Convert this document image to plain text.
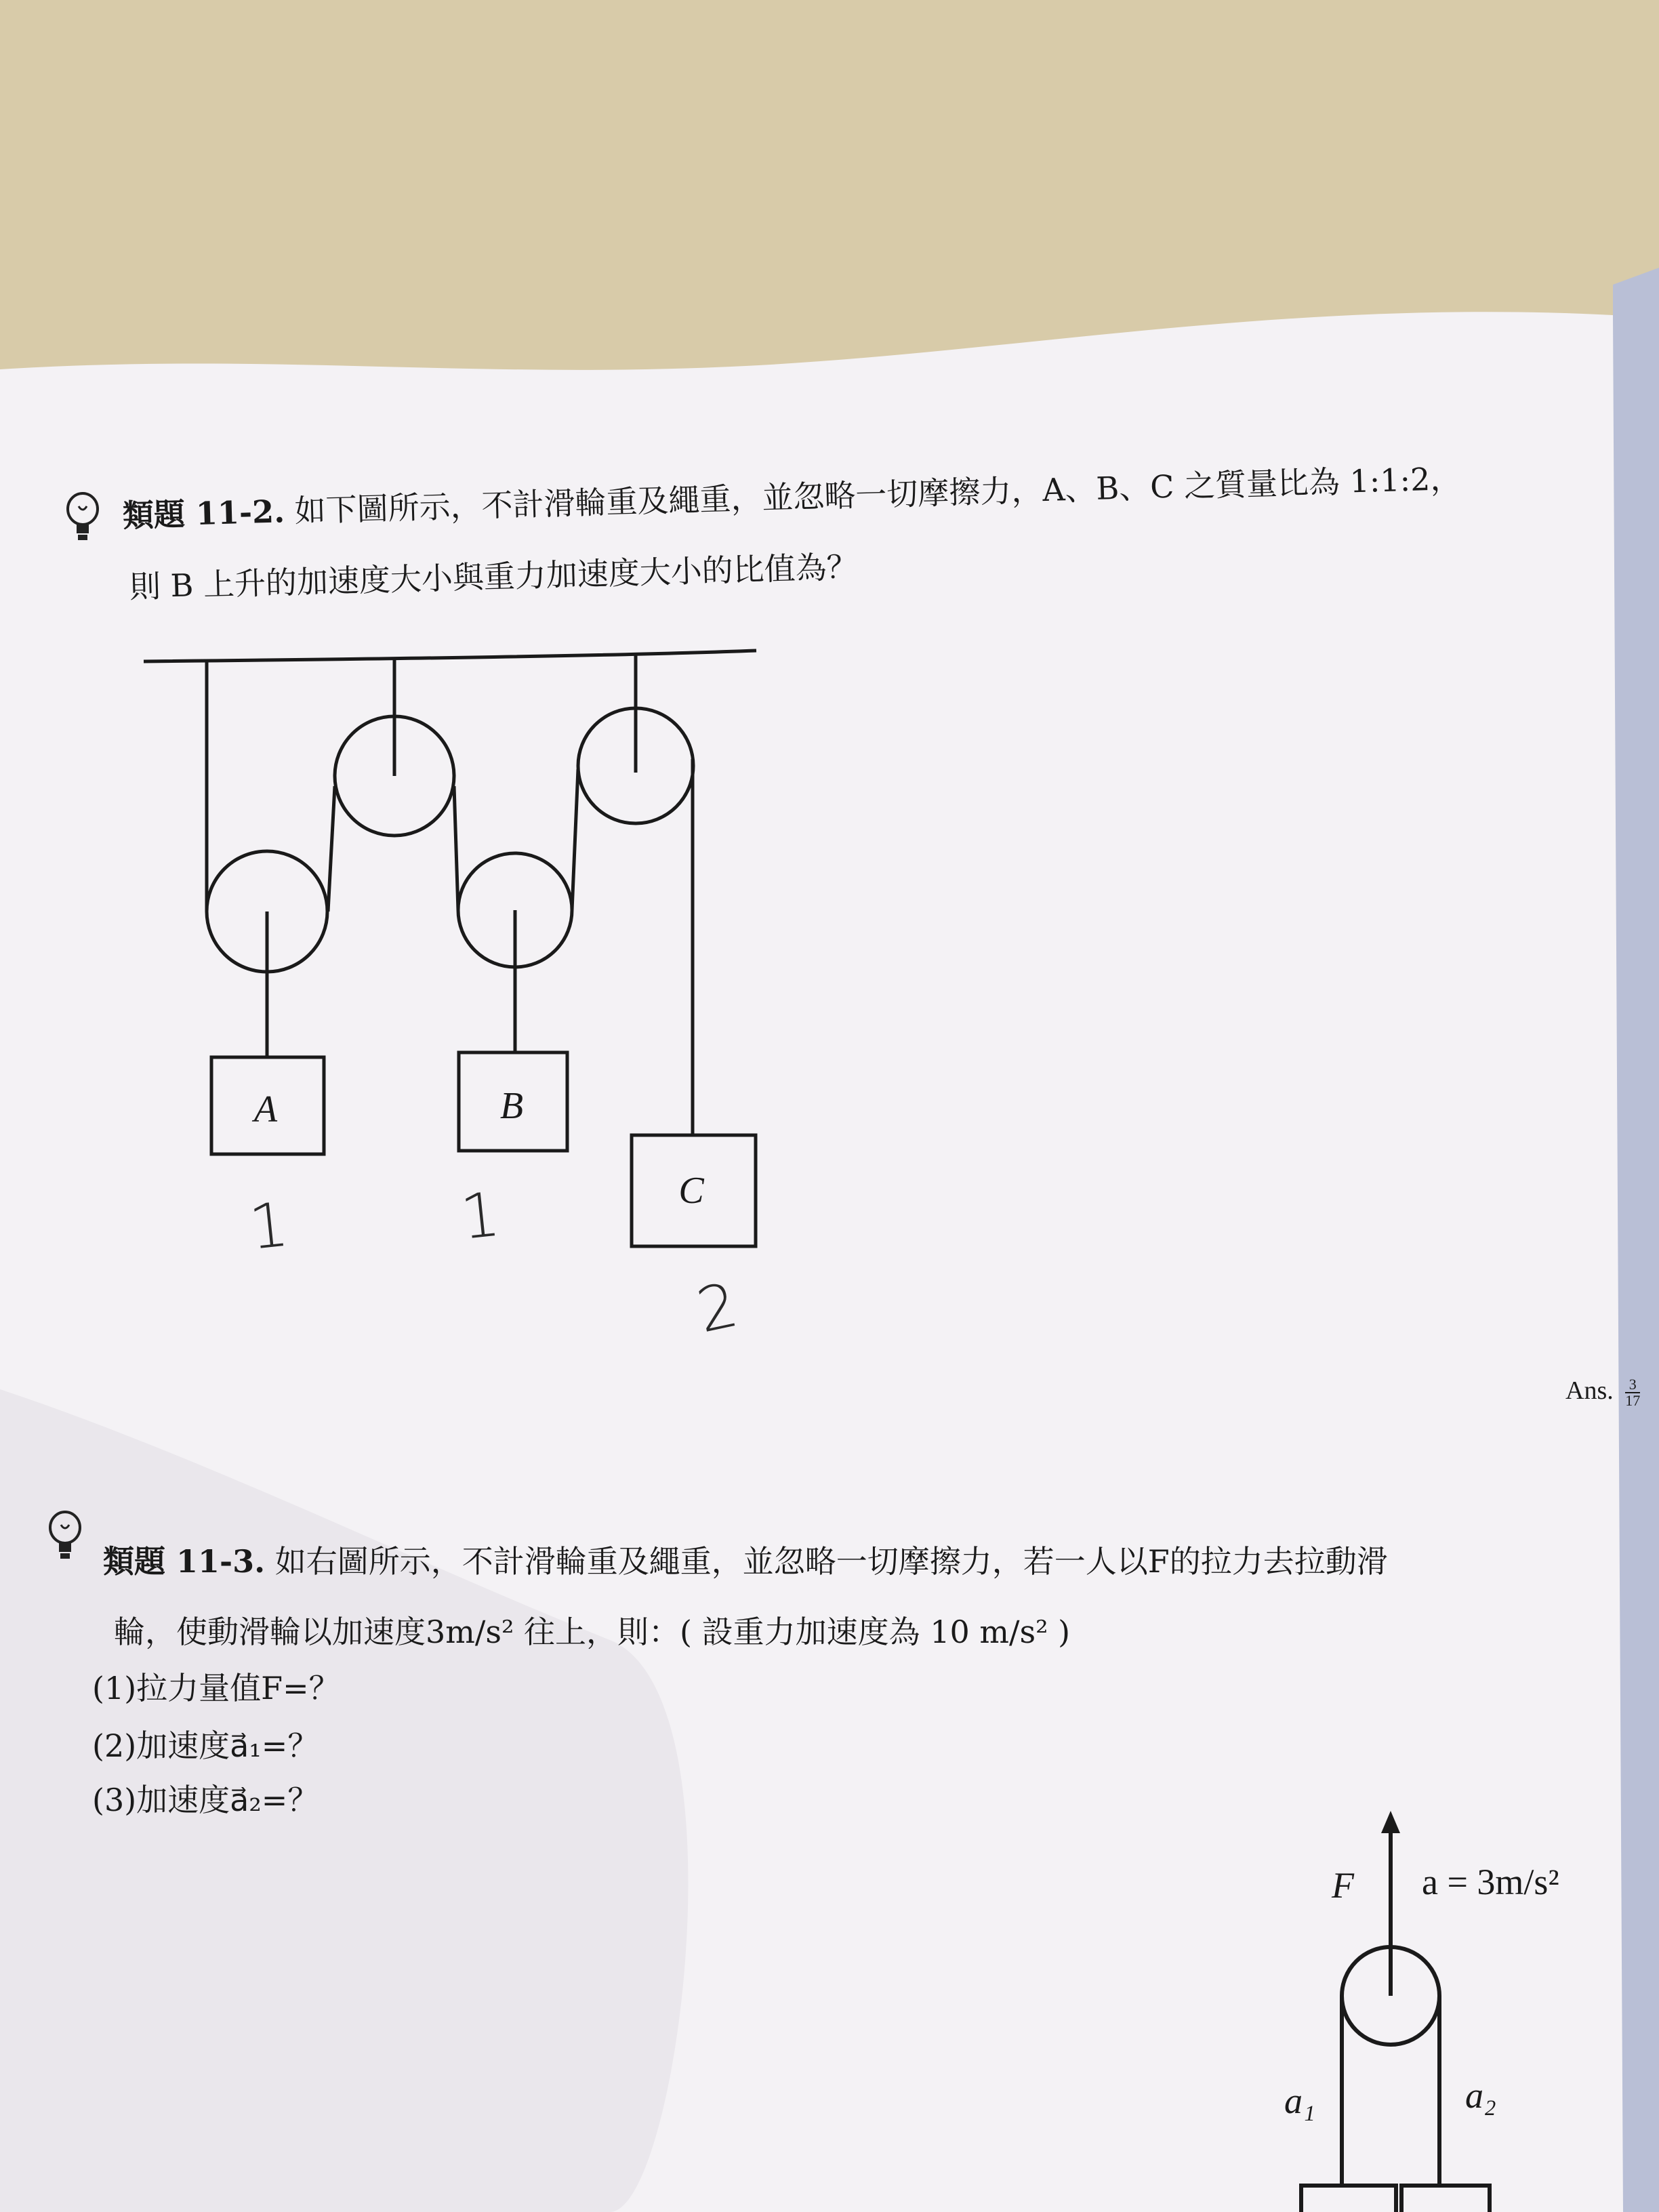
類題 11-2. 如下圖所示，不計滑輪重及繩重，並忽略一切摩擦力，A、B、C 之質量比為 1:1:2，
則 B 上升的加速度大小與重力加速度大小的比值為？
A	B
C
1	1
2
Ans. $\frac{3}{17}$
類題 11-3. 如右圖所示，不計滑輪重及繩重，並忽略一切摩擦力，若一人以F的拉力去拉動滑
輪，使動滑輪以加速度3m/s² 往上，則：( 設重力加速度為 10 m/s² )
(1)拉力量值F=？
(2)加速度a⃗₁=？
(3)加速度a⃗₂=？
F a = 3m/s²
a₁	a₂
